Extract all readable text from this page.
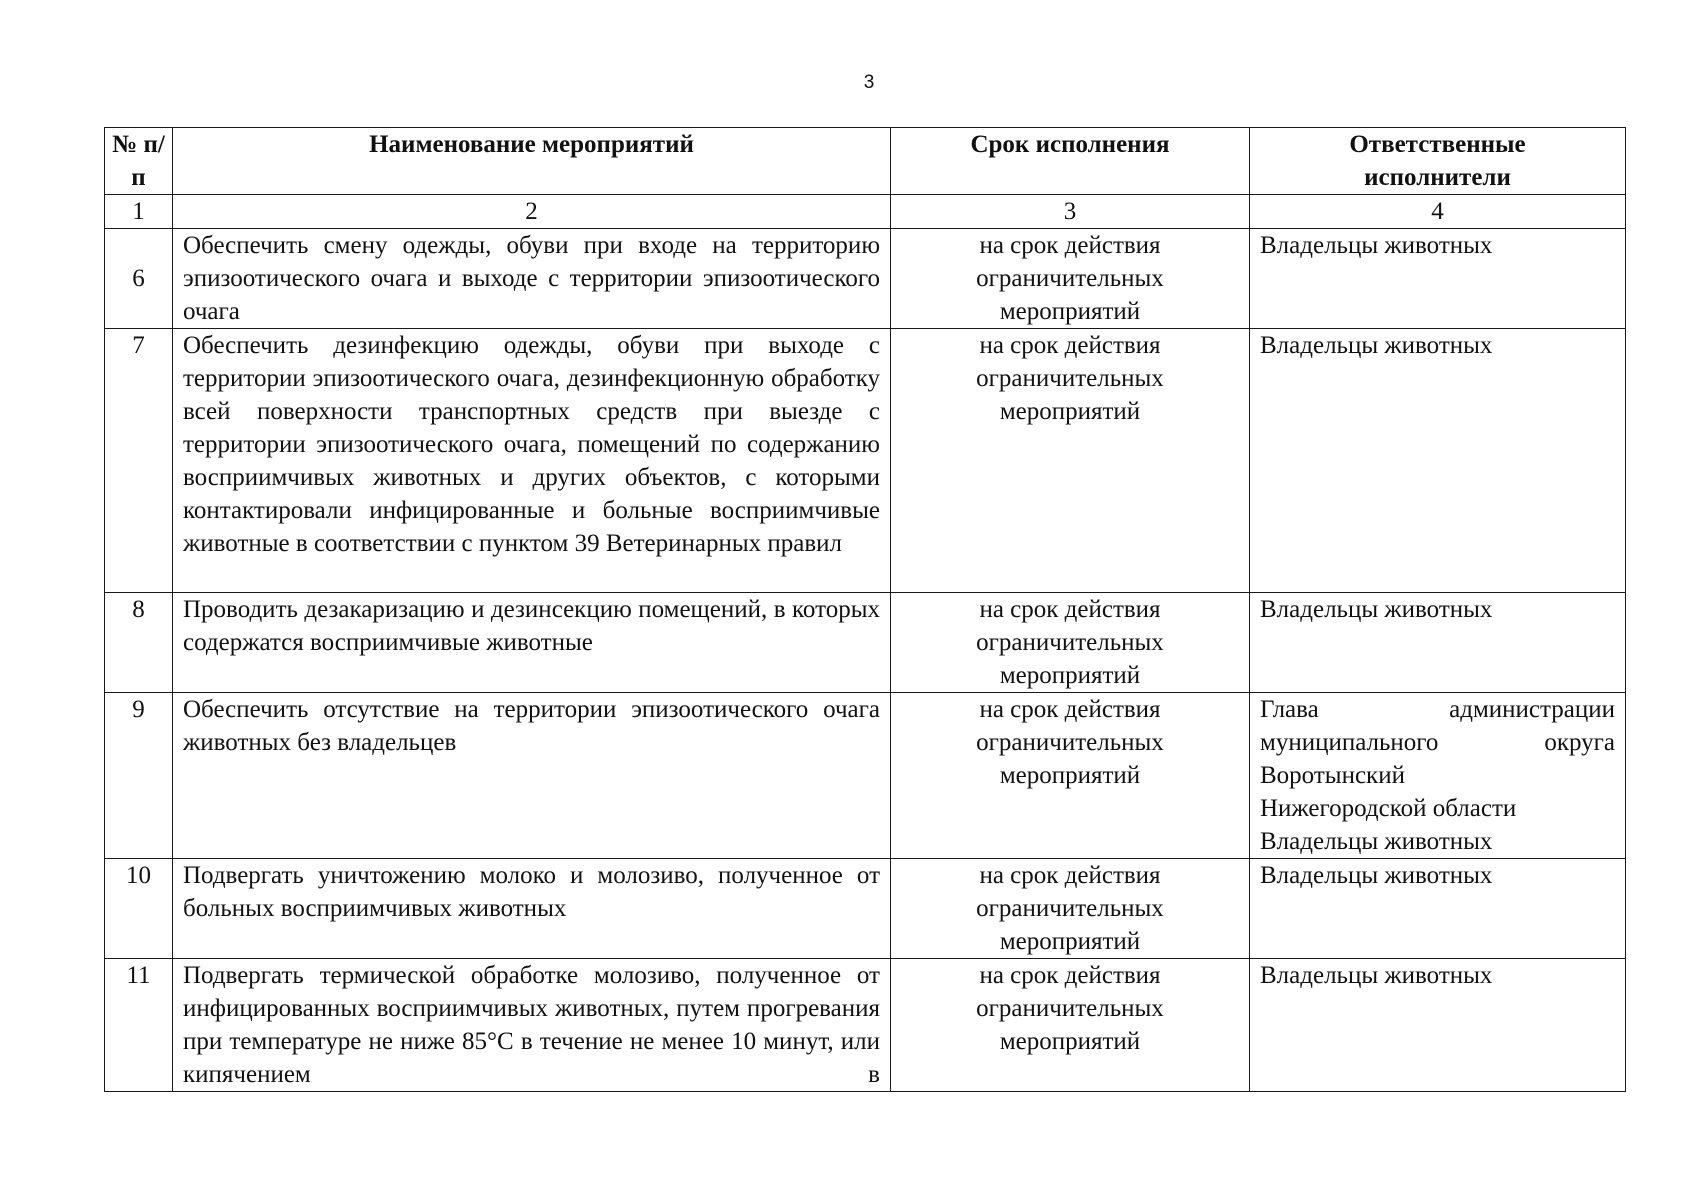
3
№ п/п	Наименование мероприятий	Срок исполнения	Ответственные исполнители
1	2	3	4
6	Обеспечить смену одежды, обуви при входе на территорию эпизоотического очага и выходе с территории эпизоотического очага	на срок действия ограничительных мероприятий	Владельцы животных

7	Обеспечить дезинфекцию одежды, обуви при выходе с территории эпизоотического очага, дезинфекционную обработку всей поверхности транспортных средств при выезде с территории эпизоотического очага, помещений по содержанию восприимчивых животных и других объектов, с которыми контактировали инфицированные и больные восприимчивые животные в соответствии с пунктом 39 Ветеринарных правил	на срок действия ограничительных мероприятий	Владельцы животных

8	Проводить дезакаризацию и дезинсекцию помещений, в которых содержатся восприимчивые животные	на срок действия ограничительных мероприятий	Владельцы животных

9	Обеспечить отсутствие на территории эпизоотического очага животных без владельцев	на срок действия ограничительных мероприятий	Глава администрации
муниципального округа
Воротынский
Нижегородской области
Владельцы животных

10	Подвергать уничтожению молоко и молозиво, полученное от больных восприимчивых животных	на срок действия ограничительных мероприятий	Владельцы животных

11	Подвергать термической обработке молозиво, полученное от инфицированных восприимчивых животных, путем прогревания при температуре не ниже 85°С в течение не менее 10 минут, или кипячением в	на срок действия ограничительных мероприятий	Владельцы животных
